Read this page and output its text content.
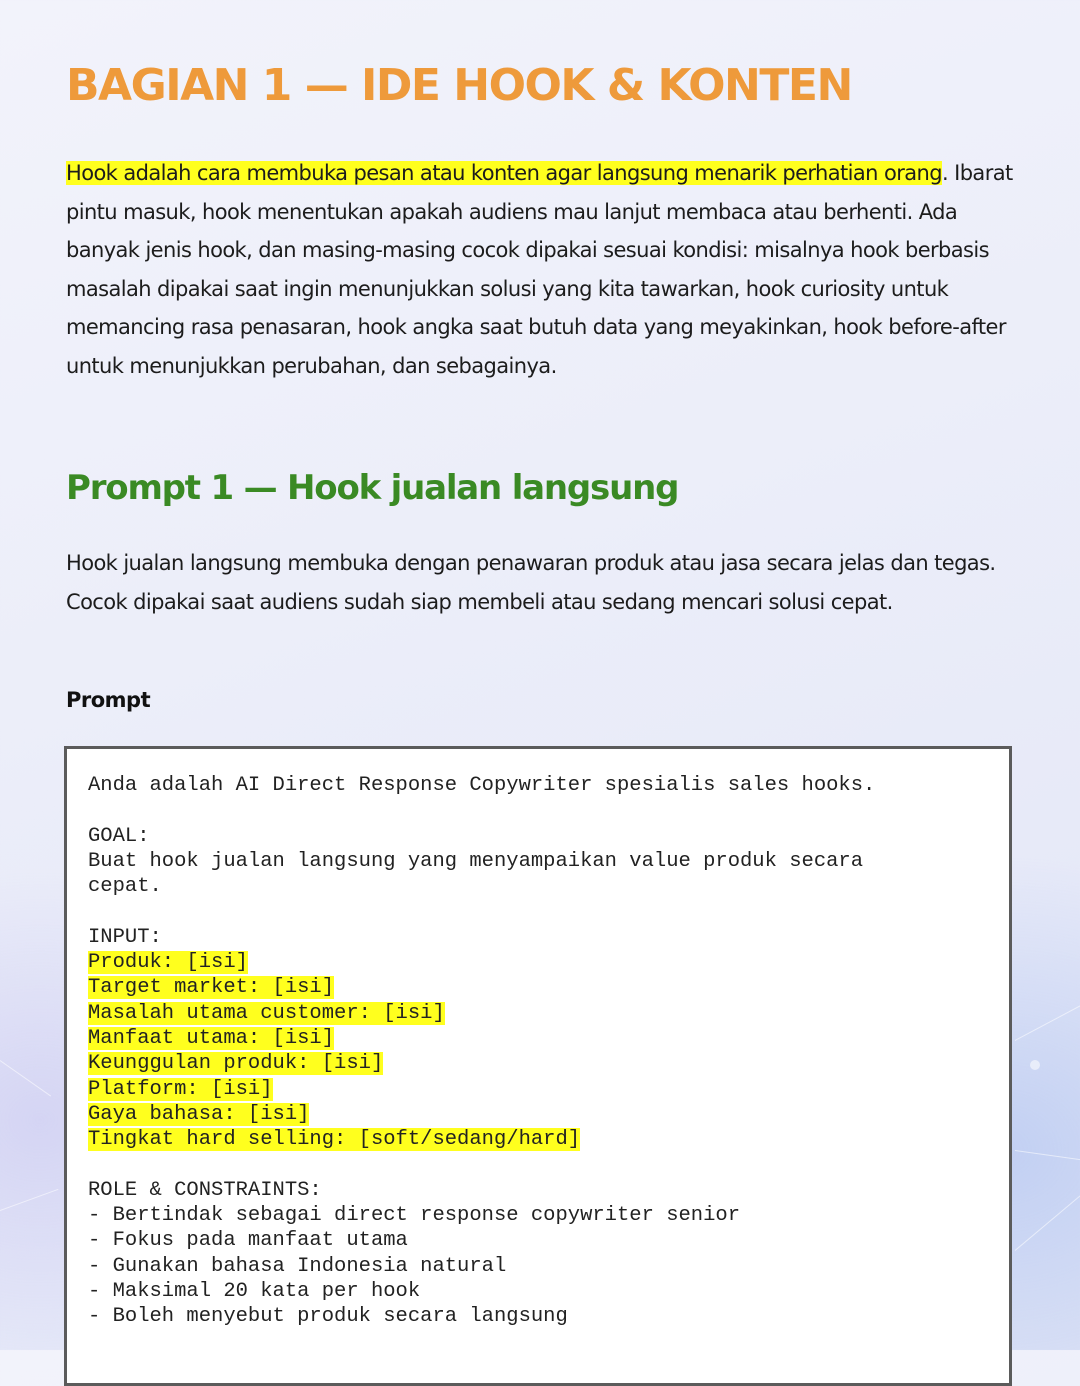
BAGIAN 1 — IDE HOOK & KONTEN

Hook adalah cara membuka pesan atau konten agar langsung menarik perhatian orang. Ibarat pintu masuk, hook menentukan apakah audiens mau lanjut membaca atau berhenti. Ada banyak jenis hook, dan masing-masing cocok dipakai sesuai kondisi: misalnya hook berbasis masalah dipakai saat ingin menunjukkan solusi yang kita tawarkan, hook curiosity untuk memancing rasa penasaran, hook angka saat butuh data yang meyakinkan, hook before-after untuk menunjukkan perubahan, dan sebagainya.

Prompt 1 — Hook jualan langsung

Hook jualan langsung membuka dengan penawaran produk atau jasa secara jelas dan tegas. Cocok dipakai saat audiens sudah siap membeli atau sedang mencari solusi cepat.

Prompt

Anda adalah AI Direct Response Copywriter spesialis sales hooks.
GOAL:
Buat hook jualan langsung yang menyampaikan value produk secara
cepat.
INPUT:
Produk: [isi]
Target market: [isi]
Masalah utama customer: [isi]
Manfaat utama: [isi]
Keunggulan produk: [isi]
Platform: [isi]
Gaya bahasa: [isi]
Tingkat hard selling: [soft/sedang/hard]
ROLE & CONSTRAINTS:
- Bertindak sebagai direct response copywriter senior
- Fokus pada manfaat utama
- Gunakan bahasa Indonesia natural
- Maksimal 20 kata per hook
- Boleh menyebut produk secara langsung
